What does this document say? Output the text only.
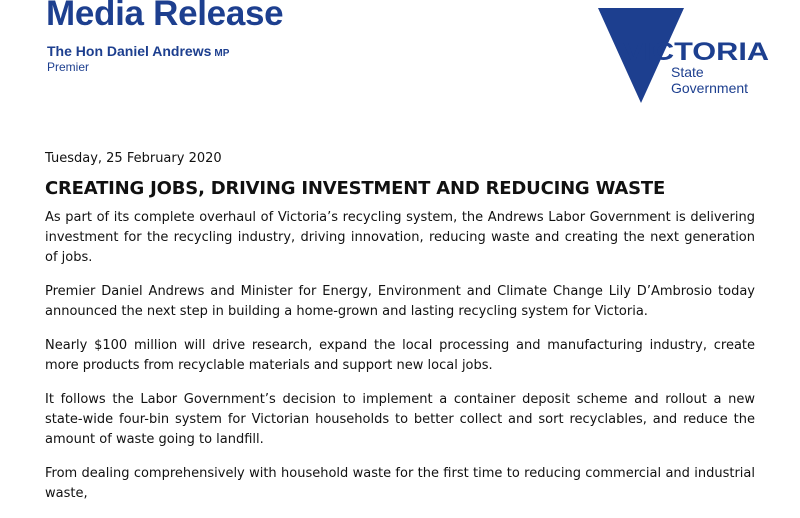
Media Release
The Hon Daniel Andrews MP
Premier
VICTORIA
State
Government
Tuesday, 25 February 2020
CREATING JOBS, DRIVING INVESTMENT AND REDUCING WASTE

As part of its complete overhaul of Victoria’s recycling system, the Andrews Labor Government is delivering investment for the recycling industry, driving innovation, reducing waste and creating the next generation of jobs.

Premier Daniel Andrews and Minister for Energy, Environment and Climate Change Lily D’Ambrosio today announced the next step in building a home-grown and lasting recycling system for Victoria.

Nearly $100 million will drive research, expand the local processing and manufacturing industry, create more products from recyclable materials and support new local jobs.

It follows the Labor Government’s decision to implement a container deposit scheme and rollout a new state-wide four-bin system for Victorian households to better collect and sort recyclables, and reduce the amount of waste going to landfill.

From dealing comprehensively with household waste for the first time to reducing commercial and industrial waste,
